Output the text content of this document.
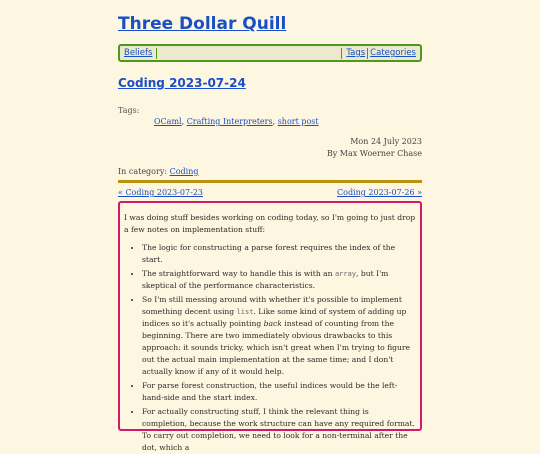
Three Dollar Quill
Beliefs	Tags Categories
Coding 2023-07-24
Tags:
OCaml, Crafting Interpreters, short post
Mon 24 July 2023
By Max Woerner Chase
In category: Coding
« Coding 2023-07-23	Coding 2023-07-26 »

I was doing stuff besides working on coding today, so I'm going to just drop a few notes on implementation stuff:

• The logic for constructing a parse forest requires the index of the start.
• The straightforward way to handle this is with an array, but I'm skeptical of the performance characteristics.
• So I'm still messing around with whether it's possible to implement something decent using list. Like some kind of system of adding up indices so it's actually pointing back instead of counting from the beginning. There are two immediately obvious drawbacks to this approach: it sounds tricky, which isn't great when I'm trying to figure out the actual main implementation at the same time; and I don't actually know if any of it would help.
• For parse forest construction, the useful indices would be the left-hand-side and the start index.
• For actually constructing stuff, I think the relevant thing is completion, because the work structure can have any required format. To carry out completion, we need to look for a non-terminal after the dot, which a
